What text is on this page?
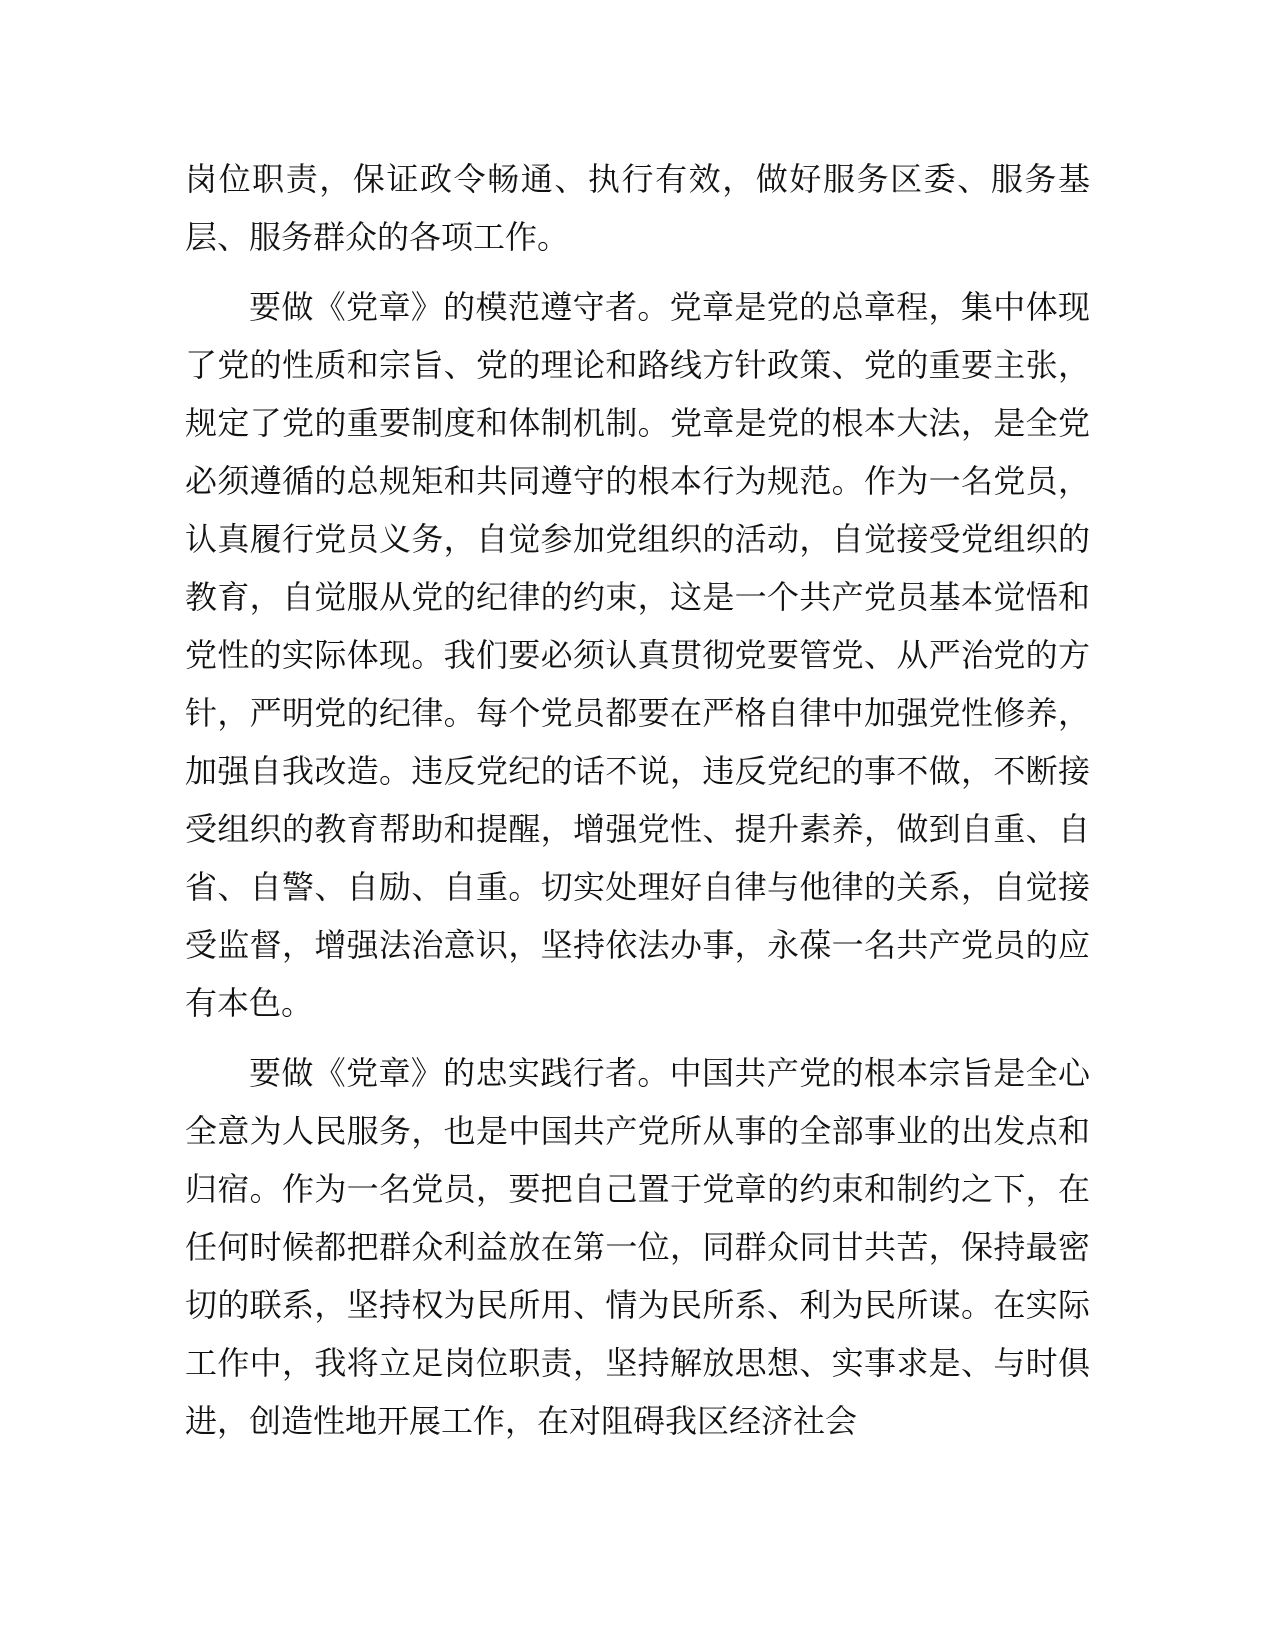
岗位职责，保证政令畅通、执行有效，做好服务区委、服务基层、服务群众的各项工作。

要做《党章》的模范遵守者。党章是党的总章程，集中体现了党的性质和宗旨、党的理论和路线方针政策、党的重要主张，规定了党的重要制度和体制机制。党章是党的根本大法，是全党必须遵循的总规矩和共同遵守的根本行为规范。作为一名党员，认真履行党员义务，自觉参加党组织的活动，自觉接受党组织的教育，自觉服从党的纪律的约束，这是一个共产党员基本觉悟和党性的实际体现。我们要必须认真贯彻党要管党、从严治党的方针，严明党的纪律。每个党员都要在严格自律中加强党性修养，加强自我改造。违反党纪的话不说，违反党纪的事不做，不断接受组织的教育帮助和提醒，增强党性、提升素养，做到自重、自省、自警、自励、自重。切实处理好自律与他律的关系，自觉接受监督，增强法治意识，坚持依法办事，永葆一名共产党员的应有本色。

要做《党章》的忠实践行者。中国共产党的根本宗旨是全心全意为人民服务，也是中国共产党所从事的全部事业的出发点和归宿。作为一名党员，要把自己置于党章的约束和制约之下，在任何时候都把群众利益放在第一位，同群众同甘共苦，保持最密切的联系，坚持权为民所用、情为民所系、利为民所谋。在实际工作中，我将立足岗位职责，坚持解放思想、实事求是、与时俱进，创造性地开展工作，在对阻碍我区经济社会
